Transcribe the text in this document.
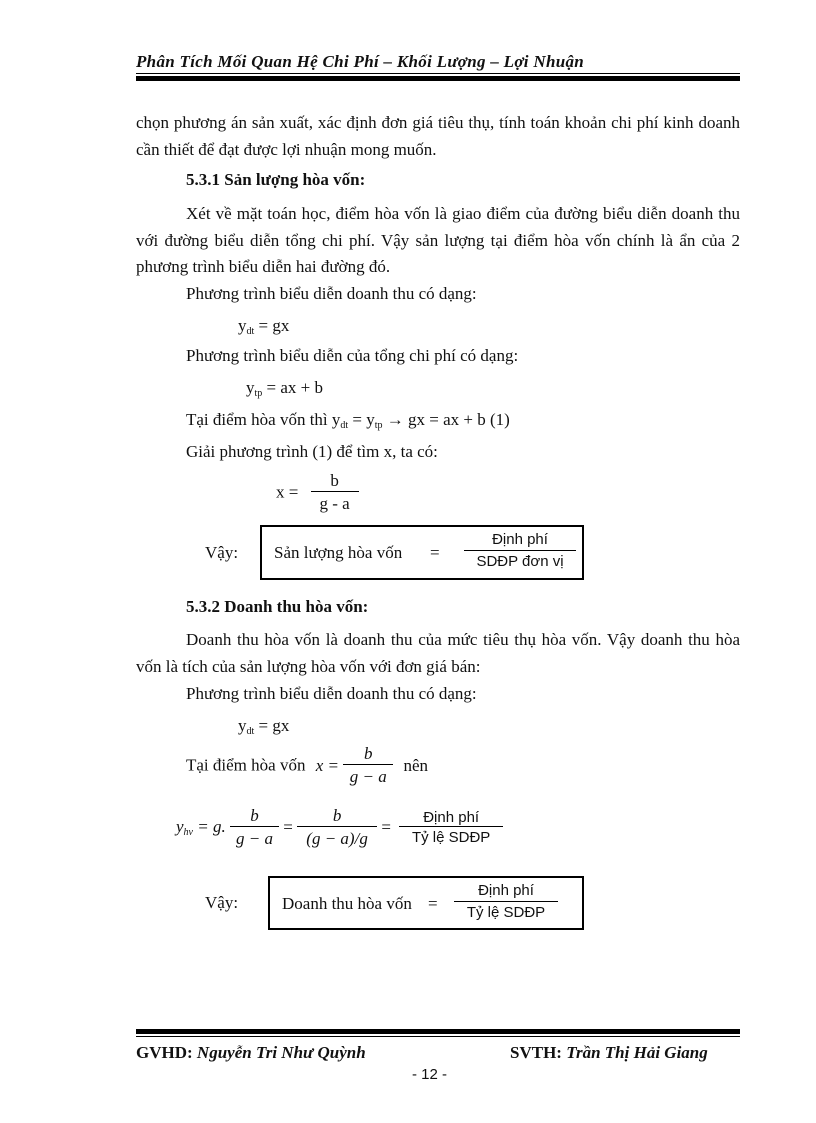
Phân Tích Mối Quan Hệ Chi Phí – Khối Lượng – Lợi Nhuận
chọn phương án sản xuất, xác định đơn giá tiêu thụ, tính toán khoản chi phí kinh doanh cần thiết để đạt được lợi nhuận mong muốn.
5.3.1 Sản lượng hòa vốn:
Xét về mặt toán học, điểm hòa vốn là giao điểm của đường biểu diễn doanh thu với đường biểu diễn tổng chi phí. Vậy sản lượng tại điểm hòa vốn chính là ẩn của 2 phương trình biểu diễn hai đường đó.
Phương trình biểu diễn doanh thu có dạng:
$y_{dt}$ = gx
Phương trình biểu diễn của tổng chi phí có dạng:
$y_{tp}$ = ax + b
Tại điểm hòa vốn thì $y_{dt} = y_{tp}$ → gx = ax + b (1)
Giải phương trình (1) để tìm x, ta có:
$x = \frac{b}{g - a}$
Vậy: Sản lượng hòa vốn =
Định phí
SDĐP đơn vị
5.3.2 Doanh thu hòa vốn:
Doanh thu hòa vốn là doanh thu của mức tiêu thụ hòa vốn. Vậy doanh thu hòa vốn là tích của sản lượng hòa vốn với đơn giá bán:
Phương trình biểu diễn doanh thu có dạng:
$y_{dt}$ = gx
Tại điểm hòa vốn $x = \frac{b}{g - a}$ nên
$y_{hv} = g$. $\frac{b}{g - a} = \frac{b}{(g - a)/g} = \frac{\text{Định phí}}{\text{Tỷ lệ SDĐP}}$
Vậy:	Doanh thu hòa vốn =
Định phí
Tỷ lệ SDĐP
GVHD: Nguyễn Tri Như Quỳnh	SVTH: Trần Thị Hải Giang
- 12 -
